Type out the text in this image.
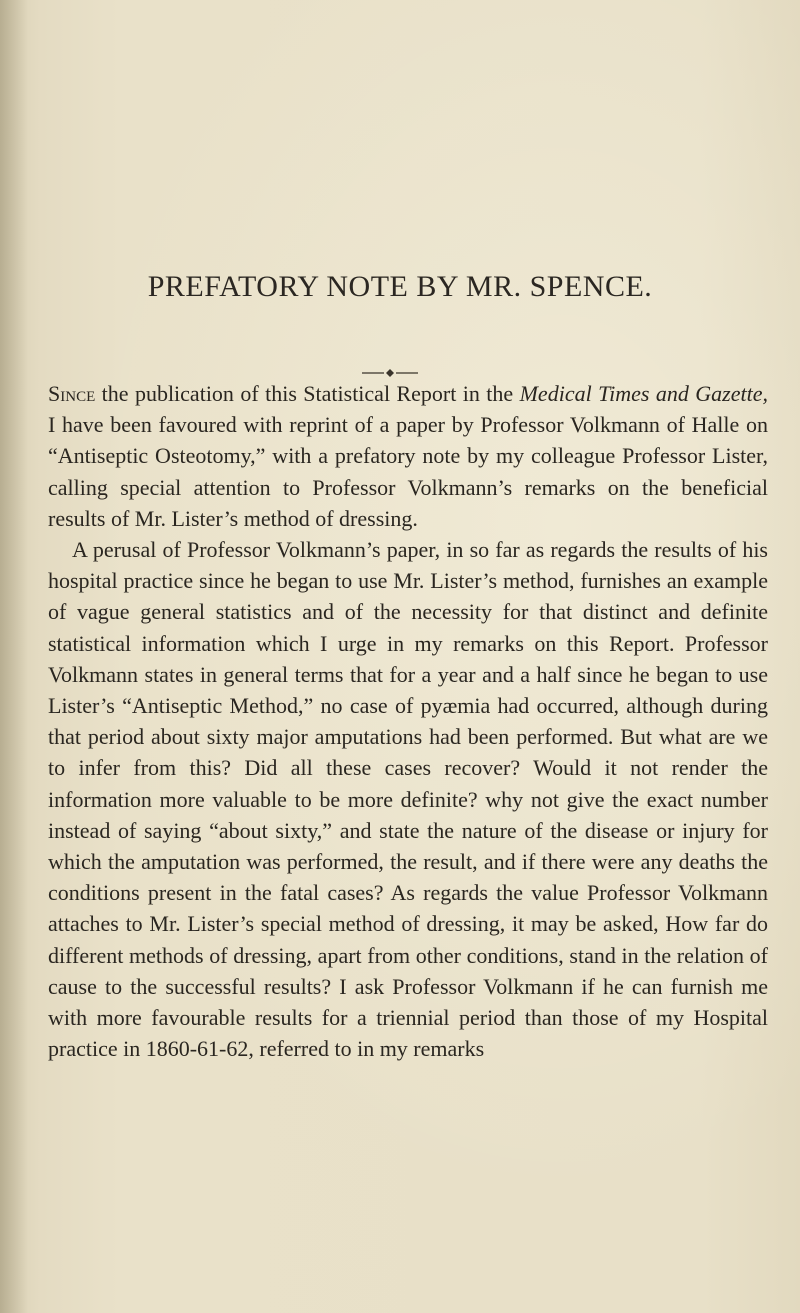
PREFATORY NOTE BY MR. SPENCE.

Since the publication of this Statistical Report in the Medical Times and Gazette, I have been favoured with reprint of a paper by Professor Volkmann of Halle on “Antiseptic Osteotomy,” with a prefatory note by my colleague Professor Lister, calling special attention to Professor Volkmann’s remarks on the beneficial results of Mr. Lister’s method of dressing.

A perusal of Professor Volkmann’s paper, in so far as regards the results of his hospital practice since he began to use Mr. Lister’s method, furnishes an example of vague general statistics and of the necessity for that distinct and definite statistical information which I urge in my remarks on this Report. Professor Volkmann states in general terms that for a year and a half since he began to use Lister’s “Antiseptic Method,” no case of pyæmia had occurred, although during that period about sixty major amputations had been performed. But what are we to infer from this? Did all these cases recover? Would it not render the information more valuable to be more definite? why not give the exact number instead of saying “about sixty,” and state the nature of the disease or injury for which the amputation was performed, the result, and if there were any deaths the conditions present in the fatal cases? As regards the value Professor Volkmann attaches to Mr. Lister’s special method of dressing, it may be asked, How far do different methods of dressing, apart from other conditions, stand in the relation of cause to the successful results? I ask Professor Volkmann if he can furnish me with more favourable results for a triennial period than those of my Hospital practice in 1860-61-62, referred to in my remarks
